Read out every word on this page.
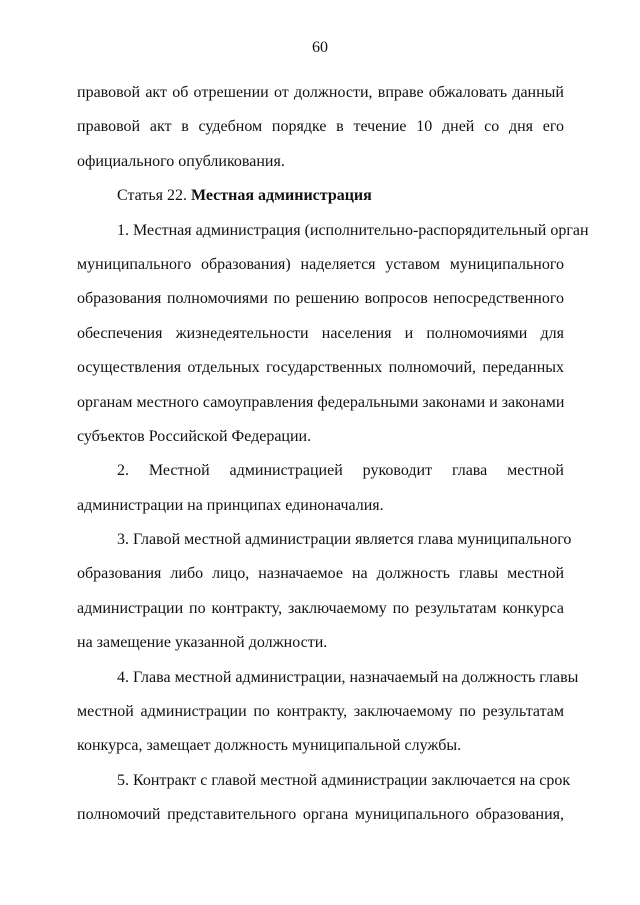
60
правовой акт об отрешении от должности, вправе обжаловать данный
правовой акт в судебном порядке в течение 10 дней со дня его
официального опубликования.
Статья 22. Местная администрация
1. Местная администрация (исполнительно-распорядительный орган
муниципального образования) наделяется уставом муниципального
образования полномочиями по решению вопросов непосредственного
обеспечения жизнедеятельности населения и полномочиями для
осуществления отдельных государственных полномочий, переданных
органам местного самоуправления федеральными законами и законами
субъектов Российской Федерации.
2. Местной администрацией руководит глава местной
администрации на принципах единоначалия.
3. Главой местной администрации является глава муниципального
образования либо лицо, назначаемое на должность главы местной
администрации по контракту, заключаемому по результатам конкурса
на замещение указанной должности.
4. Глава местной администрации, назначаемый на должность главы
местной администрации по контракту, заключаемому по результатам
конкурса, замещает должность муниципальной службы.
5. Контракт с главой местной администрации заключается на срок
полномочий представительного органа муниципального образования,
